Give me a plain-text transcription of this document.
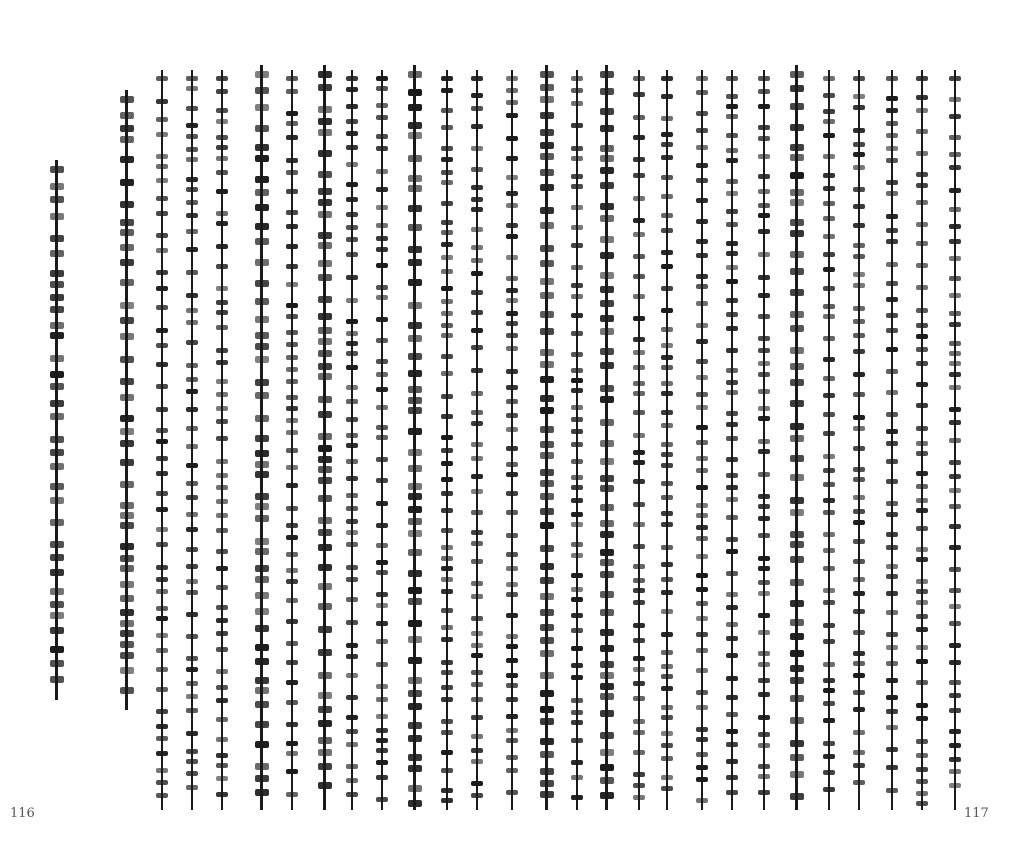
116	117
